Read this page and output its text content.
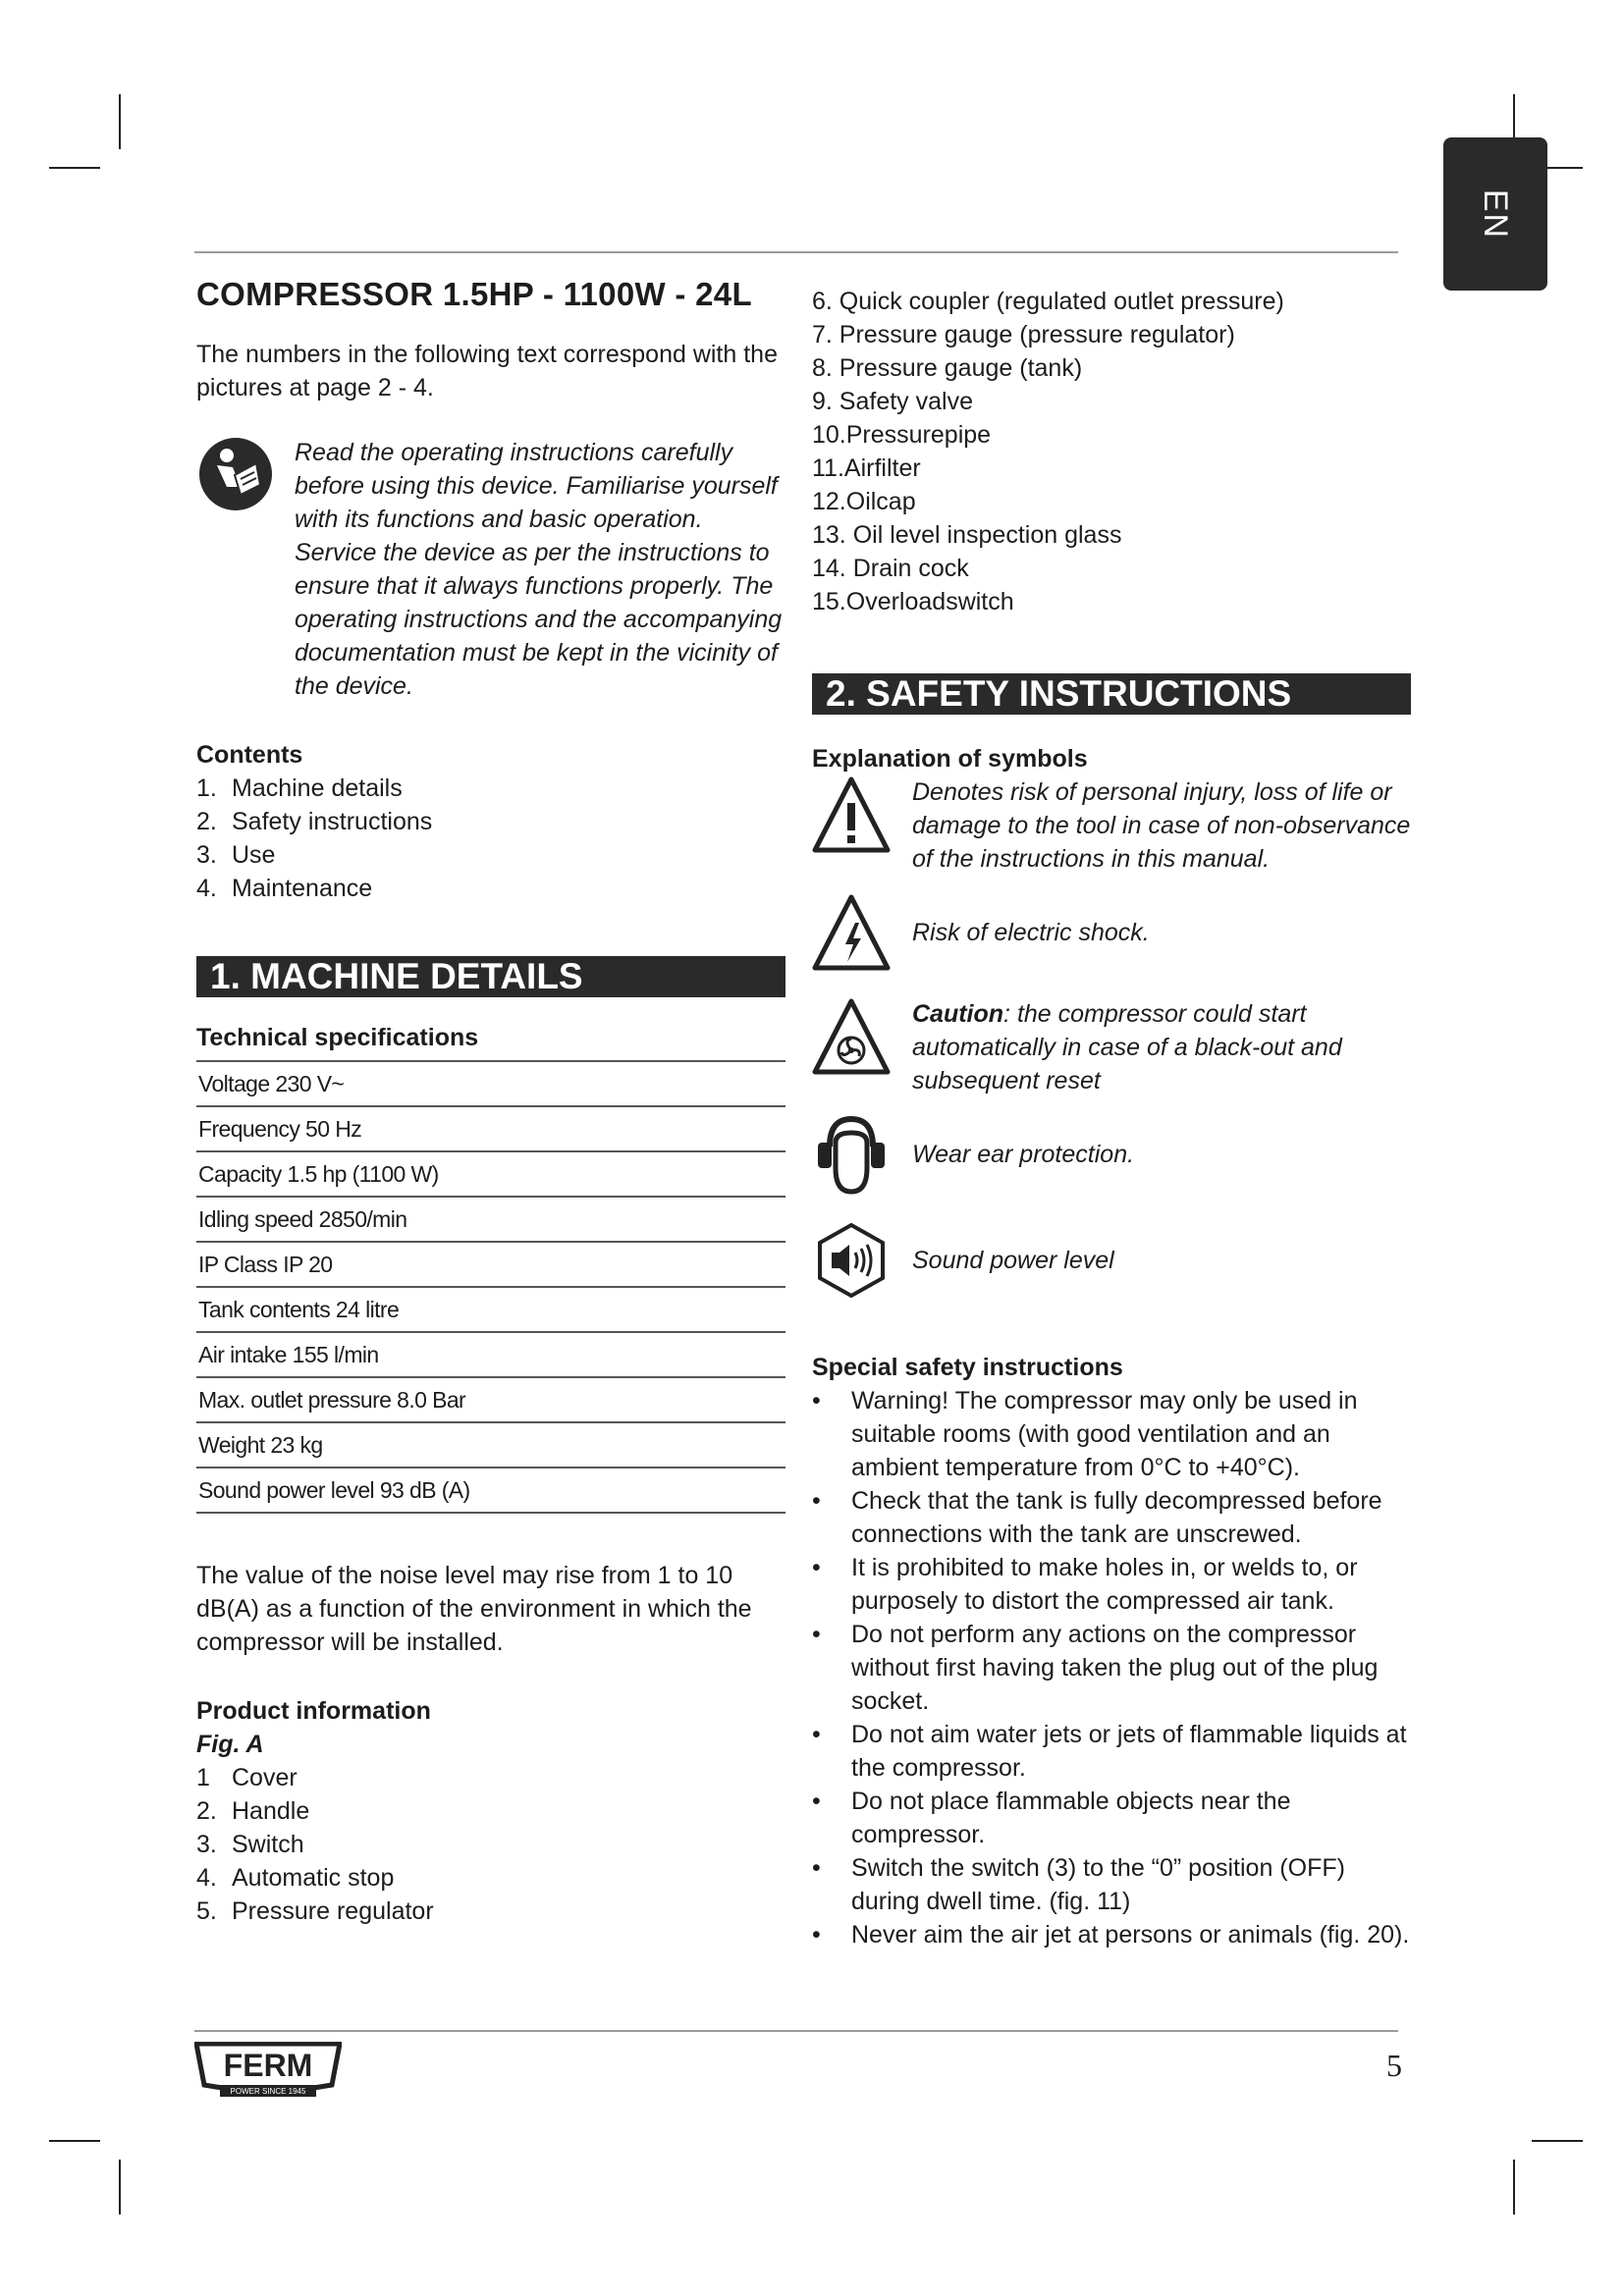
EN
COMPRESSOR 1.5HP - 1100W - 24L

The numbers in the following text correspond with the pictures at page 2 - 4.

Read the operating instructions carefully before using this device. Familiarise yourself with its functions and basic operation. Service the device as per the instructions to ensure that it always functions properly. The operating instructions and the accompanying documentation must be kept in the vicinity of the device.

Contents
1. Machine details
2. Safety instructions
3. Use
4. Maintenance
1. MACHINE DETAILS
Technical specifications
Voltage 230 V~
Frequency 50 Hz
Capacity 1.5 hp (1100 W)
Idling speed 2850/min
IP Class IP 20
Tank contents 24 litre
Air intake 155 l/min
Max. outlet pressure 8.0 Bar
Weight 23 kg
Sound power level 93 dB (A)

The value of the noise level may rise from 1 to 10 dB(A) as a function of the environment in which the compressor will be installed.

Product information
Fig. A
1 Cover
2. Handle
3. Switch
4. Automatic stop
5. Pressure regulator
6. Quick coupler (regulated outlet pressure)
7. Pressure gauge (pressure regulator)
8. Pressure gauge (tank)
9. Safety valve
10.Pressurepipe
11.Airfilter
12.Oilcap
13. Oil level inspection glass
14. Drain cock
15.Overloadswitch
2. SAFETY INSTRUCTIONS
Explanation of symbols

Denotes risk of personal injury, loss of life or damage to the tool in case of non-observance of the instructions in this manual.

Risk of electric shock.

Caution: the compressor could start automatically in case of a black-out and subsequent reset

Wear ear protection.

Sound power level

Special safety instructions
• Warning! The compressor may only be used in suitable rooms (with good ventilation and an ambient temperature from 0°C to +40°C).
• Check that the tank is fully decompressed before connections with the tank are unscrewed.
• It is prohibited to make holes in, or welds to, or purposely to distort the compressed air tank.
• Do not perform any actions on the compressor without first having taken the plug out of the plug socket.
• Do not aim water jets or jets of flammable liquids at the compressor.
• Do not place flammable objects near the compressor.
• Switch the switch (3) to the “0” position (OFF) during dwell time. (fig. 11)
• Never aim the air jet at persons or animals (fig. 20).
FERM
POWER SINCE 1945
5
